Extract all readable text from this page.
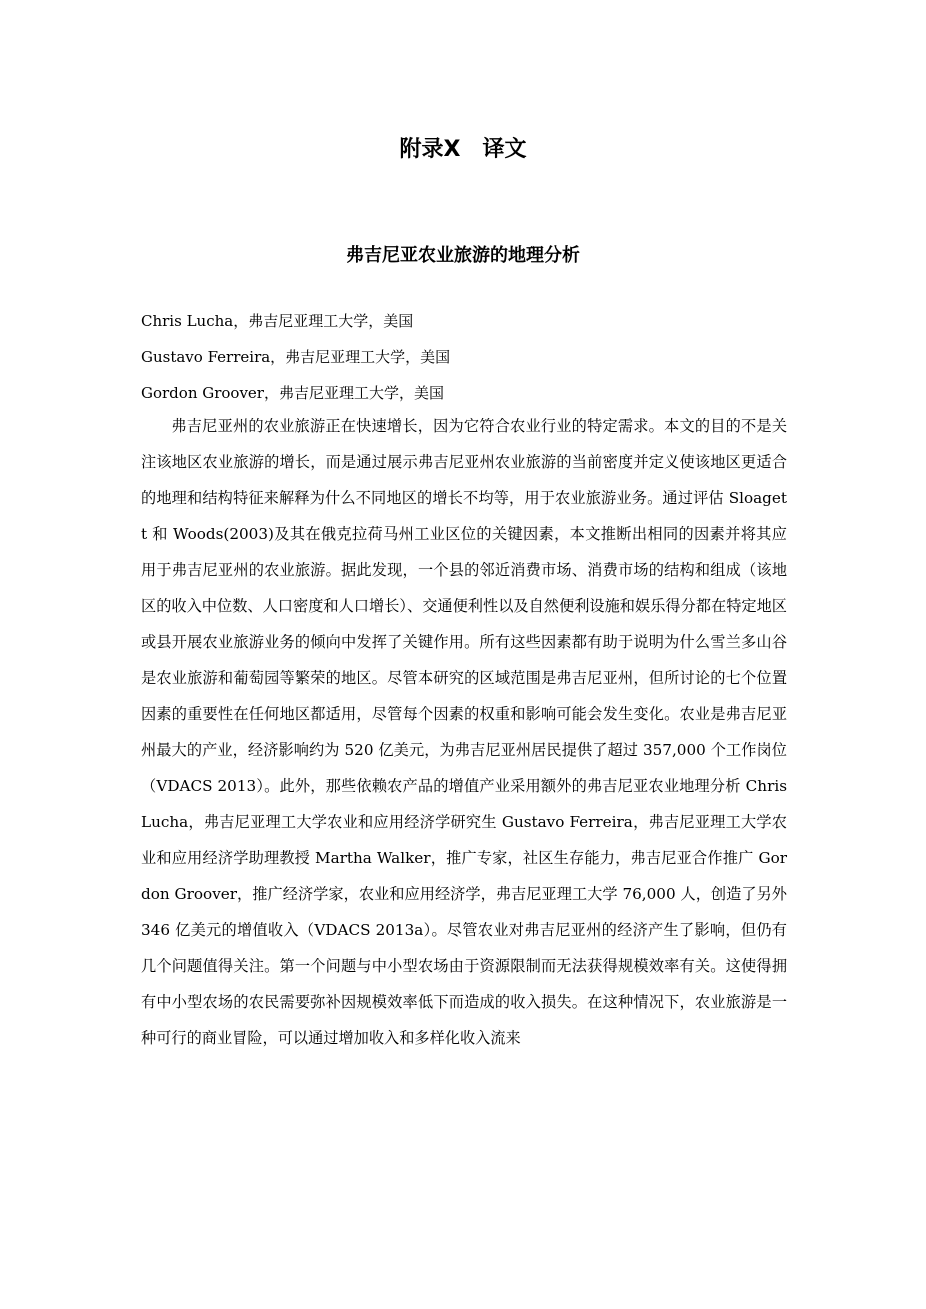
附录X 译文
弗吉尼亚农业旅游的地理分析
Chris Lucha，弗吉尼亚理工大学，美国
Gustavo Ferreira，弗吉尼亚理工大学，美国
Gordon Groover，弗吉尼亚理工大学，美国

弗吉尼亚州的农业旅游正在快速增长，因为它符合农业行业的特定需求。本文的目的不是关注该地区农业旅游的增长，而是通过展示弗吉尼亚州农业旅游的当前密度并定义使该地区更适合的地理和结构特征来解释为什么不同地区的增长不均等，用于农业旅游业务。通过评估 Sloagett 和 Woods(2003)及其在俄克拉荷马州工业区位的关键因素，本文推断出相同的因素并将其应用于弗吉尼亚州的农业旅游。据此发现，一个县的邻近消费市场、消费市场的结构和组成（该地区的收入中位数、人口密度和人口增长）、交通便利性以及自然便利设施和娱乐得分都在特定地区或县开展农业旅游业务的倾向中发挥了关键作用。所有这些因素都有助于说明为什么雪兰多山谷是农业旅游和葡萄园等繁荣的地区。尽管本研究的区域范围是弗吉尼亚州，但所讨论的七个位置因素的重要性在任何地区都适用，尽管每个因素的权重和影响可能会发生变化。农业是弗吉尼亚州最大的产业，经济影响约为 520 亿美元，为弗吉尼亚州居民提供了超过 357,000 个工作岗位（VDACS 2013）。此外，那些依赖农产品的增值产业采用额外的弗吉尼亚农业地理分析 Chris Lucha，弗吉尼亚理工大学农业和应用经济学研究生 Gustavo Ferreira，弗吉尼亚理工大学农业和应用经济学助理教授 Martha Walker，推广专家，社区生存能力，弗吉尼亚合作推广 Gordon Groover，推广经济学家，农业和应用经济学，弗吉尼亚理工大学 76,000 人，创造了另外 346 亿美元的增值收入（VDACS 2013a）。尽管农业对弗吉尼亚州的经济产生了影响，但仍有几个问题值得关注。第一个问题与中小型农场由于资源限制而无法获得规模效率有关。这使得拥有中小型农场的农民需要弥补因规模效率低下而造成的收入损失。在这种情况下，农业旅游是一种可行的商业冒险，可以通过增加收入和多样化收入流来
